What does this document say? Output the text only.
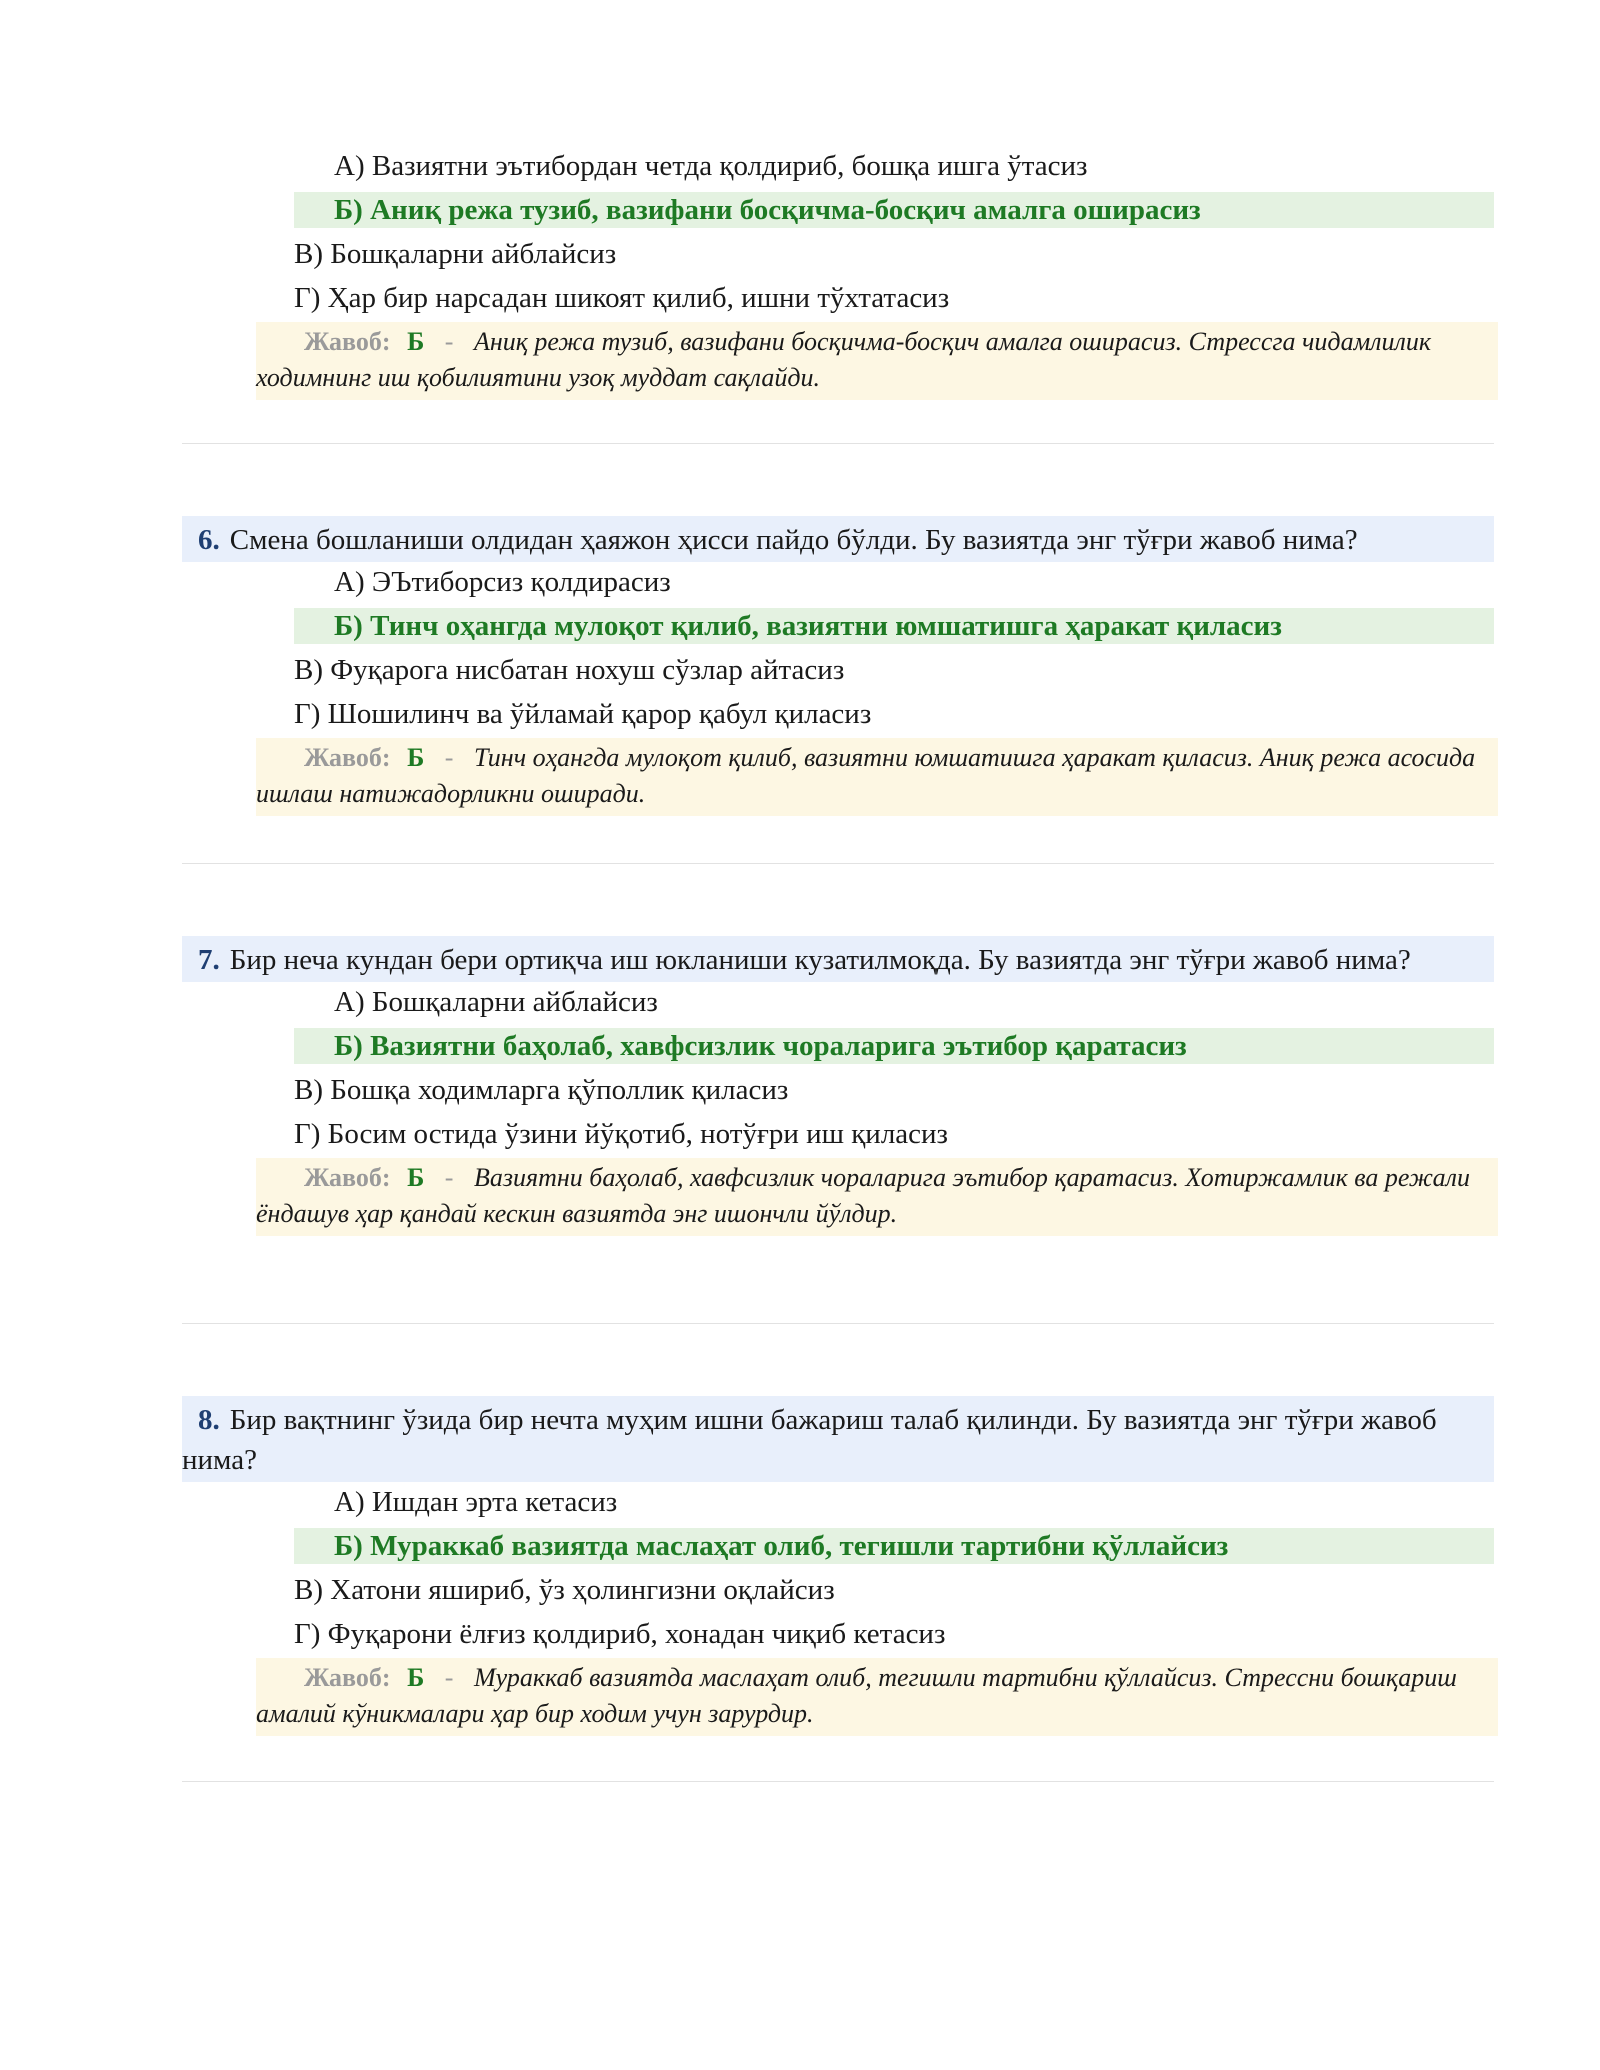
А) Вазиятни эътибордан четда қолдириб, бошқа ишга ўтасиз
Б) Аниқ режа тузиб, вазифани босқичма-босқич амалга оширасиз
В) Бошқаларни айблайсиз
Г) Ҳар бир нарсадан шикоят қилиб, ишни тўхтатасиз
Жавоб: Б - Аниқ режа тузиб, вазифани босқичма-босқич амалга оширасиз. Стрессга чидамлилик ходимнинг иш қобилиятини узоқ муддат сақлайди.
6. Смена бошланиши олдидан ҳаяжон ҳисси пайдо бўлди. Бу вазиятда энг тўғри жавоб нима?
А) ЭЪтиборсиз қолдирасиз
Б) Тинч оҳангда мулоқот қилиб, вазиятни юмшатишга ҳаракат қиласиз
В) Фуқарога нисбатан нохуш сўзлар айтасиз
Г) Шошилинч ва ўйламай қарор қабул қиласиз
Жавоб: Б - Тинч оҳангда мулоқот қилиб, вазиятни юмшатишга ҳаракат қиласиз. Аниқ режа асосида ишлаш натижадорликни оширади.
7. Бир неча кундан бери ортиқча иш юкланиши кузатилмоқда. Бу вазиятда энг тўғри жавоб нима?
А) Бошқаларни айблайсиз
Б) Вазиятни баҳолаб, хавфсизлик чораларига эътибор қаратасиз
В) Бошқа ходимларга қўполлик қиласиз
Г) Босим остида ўзини йўқотиб, нотўғри иш қиласиз
Жавоб: Б - Вазиятни баҳолаб, хавфсизлик чораларига эътибор қаратасиз. Хотиржамлик ва режали ёндашув ҳар қандай кескин вазиятда энг ишончли йўлдир.
8. Бир вақтнинг ўзида бир нечта муҳим ишни бажариш талаб қилинди. Бу вазиятда энг тўғри жавоб нима?
А) Ишдан эрта кетасиз
Б) Мураккаб вазиятда маслаҳат олиб, тегишли тартибни қўллайсиз
В) Хатони яшириб, ўз ҳолингизни оқлайсиз
Г) Фуқарони ёлғиз қолдириб, хонадан чиқиб кетасиз
Жавоб: Б - Мураккаб вазиятда маслаҳат олиб, тегишли тартибни қўллайсиз. Стрессни бошқариш амалий кўникмалари ҳар бир ходим учун зарурдир.
